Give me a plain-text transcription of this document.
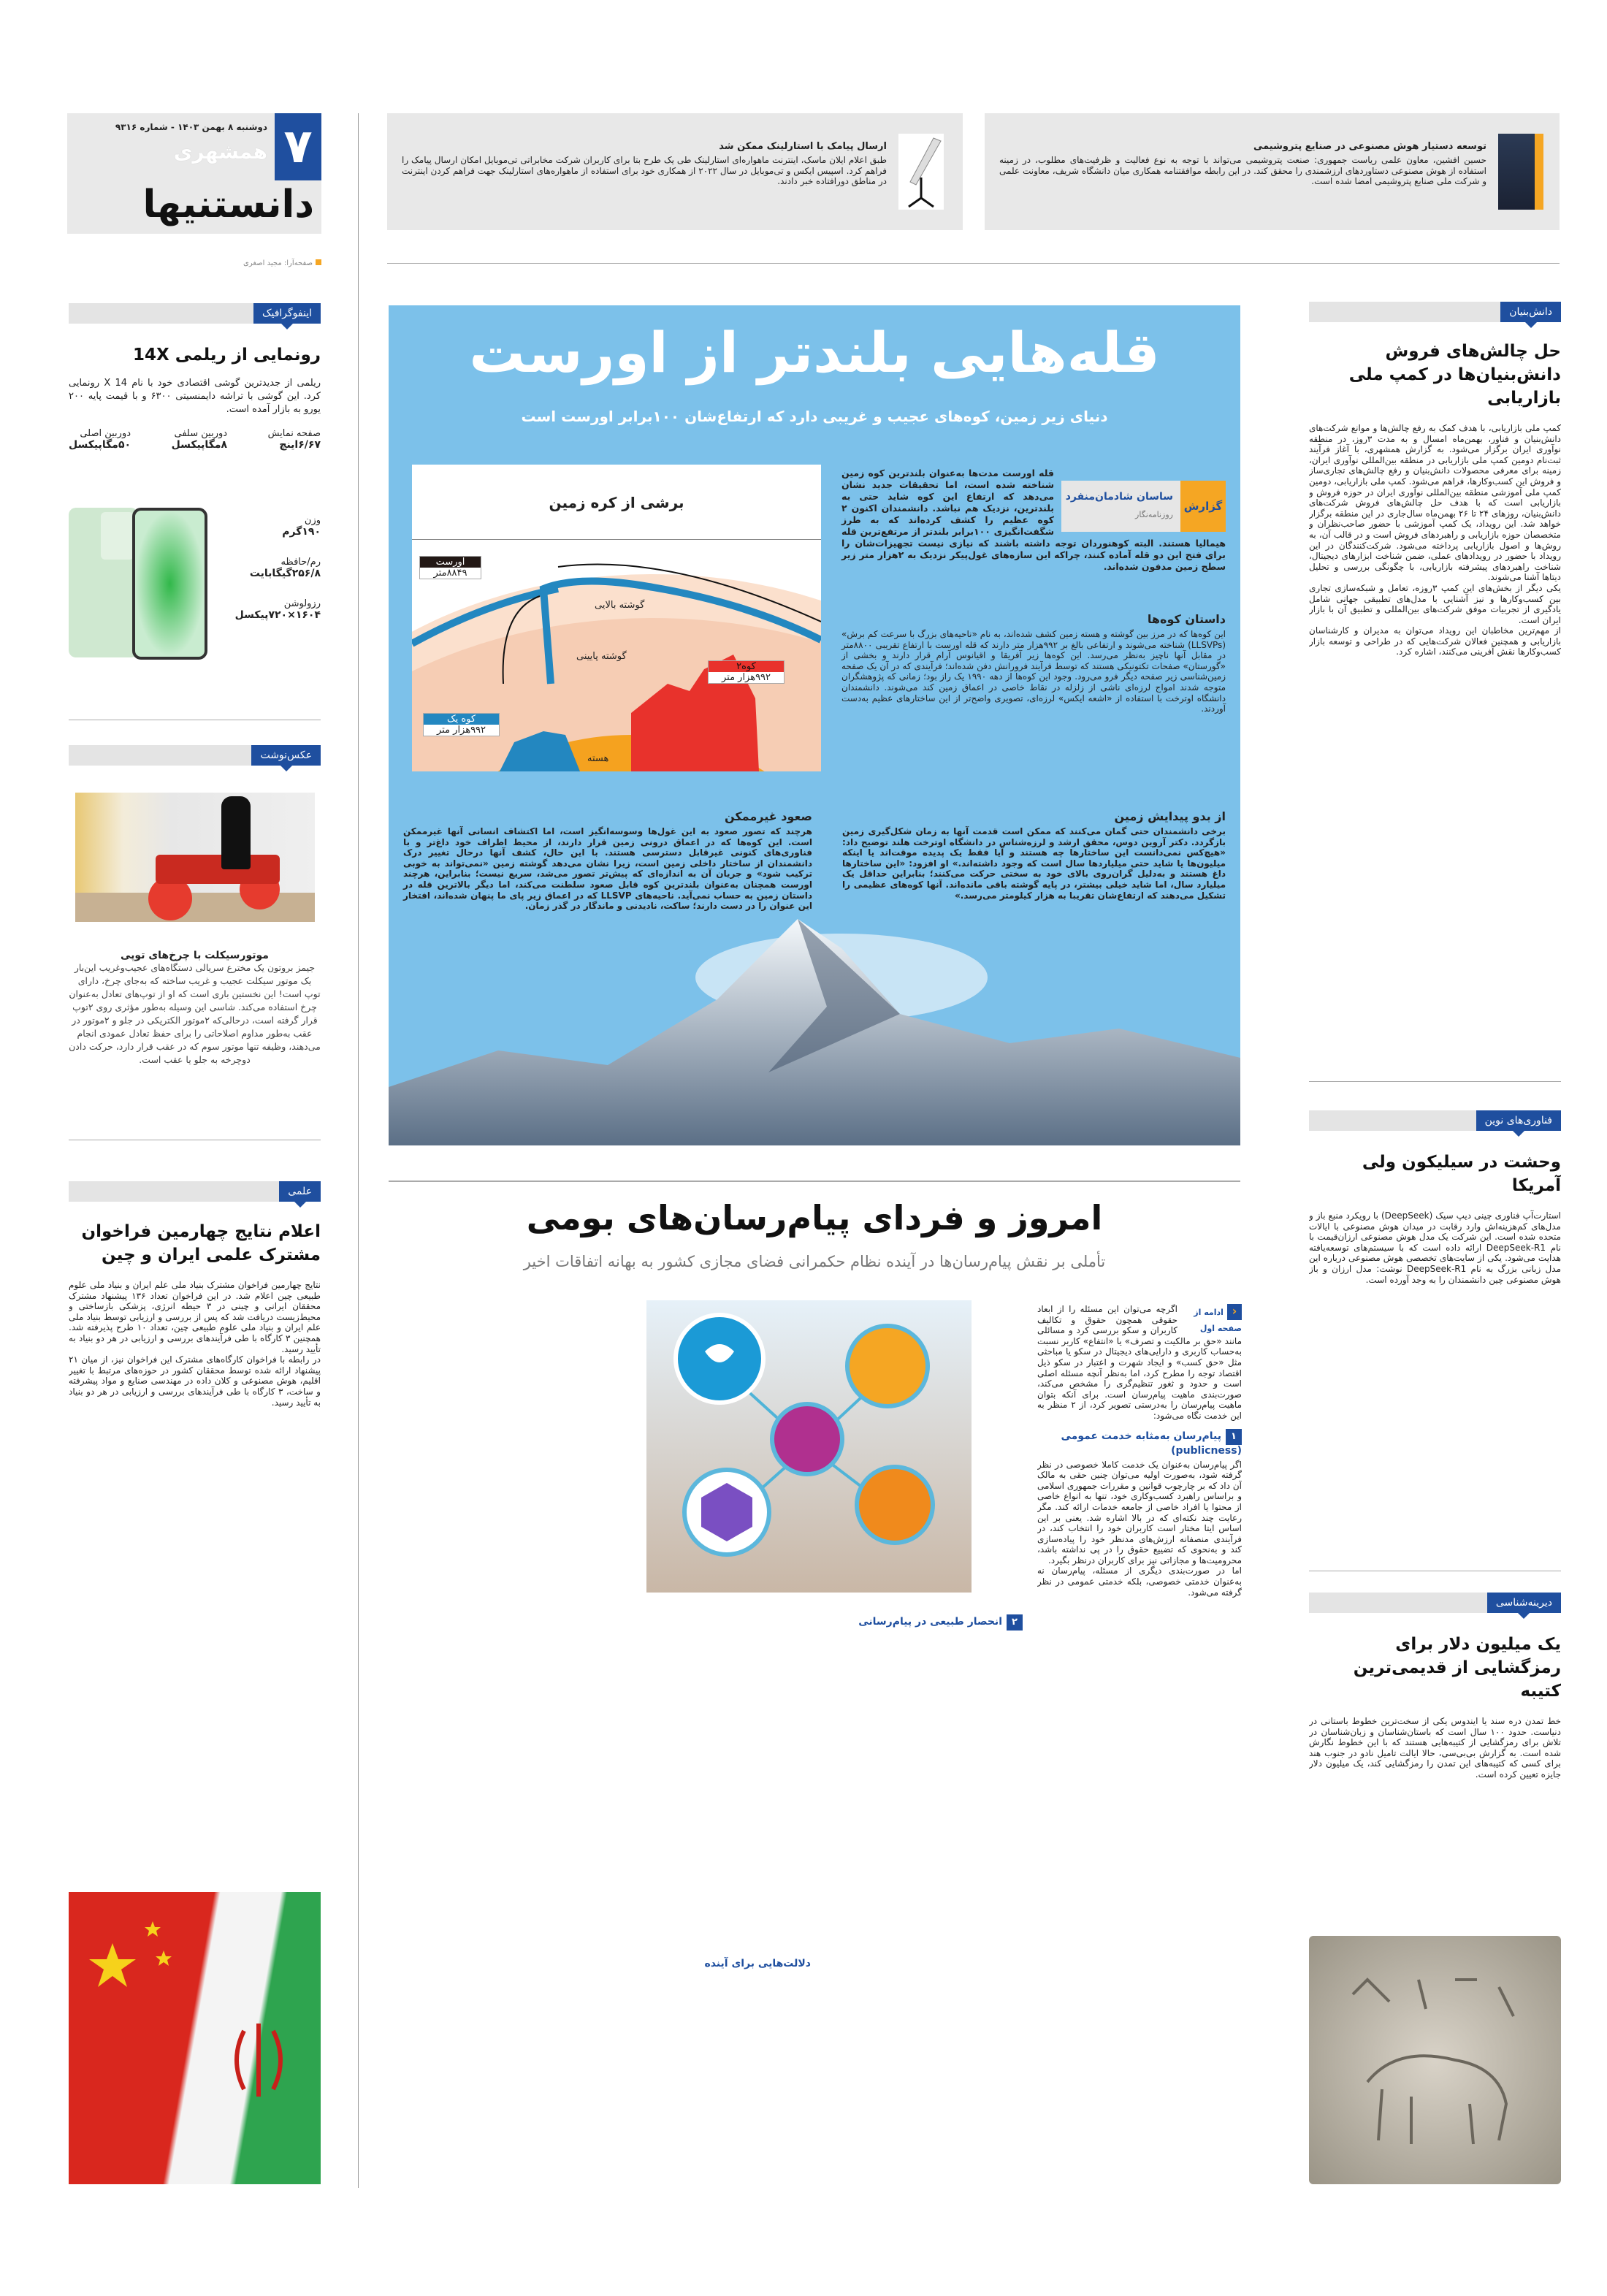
۷
دوشنبه ۸ بهمن ۱۴۰۳ - شماره ۹۳۱۶
همشهری
دانستنیها
صفحه‌آرا: مجید اصغری
توسعه دستیار هوش مصنوعی در صنایع پتروشیمی
حسین افشین، معاون علمی ریاست جمهوری: صنعت پتروشیمی می‌تواند با توجه به نوع فعالیت و ظرفیت‌های مطلوب، در زمینه استفاده از هوش مصنوعی دستاوردهای ارزشمندی را محقق کند. در این رابطه موافقتنامه همکاری میان دانشگاه شریف، معاونت علمی و شرکت ملی صنایع پتروشیمی امضا شده است.
ارسال پیامک با استارلینک ممکن شد
طبق اعلام ایلان ماسک، اینترنت ماهواره‌ای استارلینک طی یک طرح بتا برای کاربران شرکت مخابراتی تی‌موبایل امکان ارسال پیامک را فراهم کرد. اسپیس ایکس و تی‌موبایل در سال ۲۰۲۲ از همکاری خود برای استفاده از ماهواره‌های استارلینک جهت فراهم کردن اینترنت در مناطق دورافتاده خبر دادند.
دانش‌بنیان
حل چالش‌های فروش دانش‌بنیان‌ها در کمپ ملی بازاریابی

کمپ ملی بازاریابی، با هدف کمک به رفع چالش‌ها و موانع شرکت‌های دانش‌بنیان و فناور، بهمن‌ماه امسال و به مدت ۳روز، در منطقه نوآوری ایران برگزار می‌شود. به گزارش همشهری، با آغاز فرآیند ثبت‌نام دومین کمپ ملی بازاریابی در منطقه بین‌المللی نوآوری ایران، زمینه برای معرفی محصولات دانش‌بنیان و رفع چالش‌های تجاری‌ساز و فروش این کسب‌وکارها، فراهم می‌شود. کمپ ملی بازاریابی، دومین کمپ ملی آموزشی منطقه بین‌المللی نوآوری ایران در حوزه فروش و بازاریابی است که با هدف حل چالش‌های فروش شرکت‌های دانش‌بنیان، روزهای ۲۴ تا ۲۶ بهمن‌ماه سال‌جاری در این منطقه برگزار خواهد شد. این رویداد، یک کمپ آموزشی با حضور صاحب‌نظران و متخصصان حوزه بازاریابی و راهبردهای فروش است و در قالب آن، به روش‌ها و اصول بازاریابی پرداخته می‌شود. شرکت‌کنندگان در این رویداد با حضور در رویدادهای عملی، ضمن شناخت ابزارهای دیجیتال، شناخت راهبردهای پیشرفته بازاریابی، با چگونگی بررسی و تحلیل دیتاها آشنا می‌شوند.

یکی دیگر از بخش‌های این کمپ ۳روزه، تعامل و شبکه‌سازی تجاری بین کسب‌وکارها و نیز آشنایی با مدل‌های تطبیقی جهانی شامل یادگیری از تجربیات موفق شرکت‌های بین‌المللی و تطبیق آن با بازار ایران است.

از مهم‌ترین مخاطبان این رویداد می‌توان به مدیران و کارشناسان بازاریابی و همچنین فعالان شرکت‌هایی که در طراحی و توسعه بازار کسب‌وکارها نقش آفرینی می‌کنند، اشاره کرد.

فناوری‌های نوین
وحشت در سیلیکون ولی آمریکا

استارت‌آپ فناوری چینی دیپ سیک (DeepSeek) با رویکرد منبع باز و مدل‌های کم‌هزینه‌اش وارد رقابت در میدان هوش مصنوعی با ایالات متحده شده است. این شرکت یک مدل هوش مصنوعی ارزان‌قیمت با نام DeepSeek-R1 ارائه داده است که با سیستم‌های توسعه‌یافته هدایت می‌شود. یکی از سایت‌های تخصصی هوش مصنوعی درباره این مدل زبانی بزرگ به نام DeepSeek-R1 نوشت: مدل ارزان و باز هوش مصنوعی چین دانشمندان را به وجد آورده است.

دیرینه‌شناسی
یک میلیون دلار برای رمزگشایی از قدیمی‌ترین کتیبه

خط تمدن دره سند یا ایندوس یکی از سخت‌ترین خطوط باستانی در دنیاست. حدود ۱۰۰ سال است که باستان‌شناسان و زبان‌شناسان در تلاش برای رمزگشایی از کتیبه‌هایی هستند که با این خطوط نگارش شده است. به گزارش بی‌بی‌سی، حالا ایالت تامیل نادو در جنوب هند برای کسی که کتیبه‌های این تمدن را رمزگشایی کند، یک میلیون دلار جایزه تعیین کرده است.

اینفوگرافیک
رونمایی از ریلمی 14X

ریلمی از جدیدترین گوشی اقتصادی خود با نام 14 X رونمایی کرد. این گوشی با تراشه دایمنسیتی ۶۳۰۰ و با قیمت پایه ۲۰۰ یورو به بازار آمده است.

صفحه نمایش
۶/۶۷اینچ
دوربین سلفی
۸مگاپیکسل
دوربین اصلی
۵۰مگاپیکسل
وزن
۱۹۰گرم
رم/حافظه
۲۵۶/۸گیگابایت
رزولوشن
۱۶۰۴×۷۲۰پیکسل
عکس‌نوشت
موتورسیکلت با چرخ‌های توپی

جیمز بروتون یک مخترع سریالی دستگاه‌های عجیب‌وغریب این‌بار یک موتور سیکلت عجیب و غریب ساخته که به‌جای چرخ، دارای توپ است! این نخستین باری است که او از توپ‌های تعادل به‌عنوان چرخ استفاده می‌کند. شاسی این وسیله به‌طور مؤثری روی ۲توپ قرار گرفته است، درحالی‌که ۲موتور الکتریکی در جلو و ۲موتور در عقب به‌طور مداوم اصلاحاتی را برای حفظ تعادل عمودی انجام می‌دهند، وظیفه تنها موتور سوم که در عقب قرار دارد، حرکت دادن دوچرخه به جلو یا عقب است.

علمی
اعلام نتایج چهارمین فراخوان مشترک علمی ایران و چین

نتایج چهارمین فراخوان مشترک بنیاد ملی علم ایران و بنیاد ملی علوم طبیعی چین اعلام شد. در این فراخوان تعداد ۱۳۶ پیشنهاد مشترک محققان ایرانی و چینی در ۳ حیطه انرژی، پزشکی بازساختی و محیط‌زیست دریافت شد که پس از بررسی و ارزیابی توسط بنیاد ملی علم ایران و بنیاد ملی علوم طبیعی چین، تعداد ۱۰ طرح پذیرفته شد. همچنین ۳ کارگاه با طی فرآیندهای بررسی و ارزیابی در هر دو بنیاد به تأیید رسید.

در رابطه با فراخوان کارگاه‌های مشترک این فراخوان نیز، از میان ۲۱ پیشنهاد ارائه شده توسط محققان کشور در حوزه‌های مرتبط با تغییر اقلیم، هوش مصنوعی و کلان داده در مهندسی صنایع و مواد پیشرفته و ساخت، ۳ کارگاه با طی فرآیندهای بررسی و ارزیابی در هر دو بنیاد به تأیید رسید.

قله‌هایی بلندتر از اورست
دنیای زیر زمین، کوه‌های عجیب و غریبی دارد که ارتفاع‌شان ۱۰۰برابر اورست است
برشی از کره زمین
اورست
۸۸۴۹متر
گوشته بالایی
گوشته پایینی
کوه۲
۹۹۲هزار متر
کوه یک
۹۹۲هزار متر
هسته
گزارش
ساسان شادمان‌منفرد
روزنامه‌نگار
قله اورست مدت‌ها به‌عنوان بلندترین کوه زمین شناخته شده است، اما تحقیقات جدید نشان می‌دهد که ارتفاع این کوه شاید حتی به بلندترین، نزدیک هم نباشد. دانشمندان اکنون ۲ کوه عظیم را کشف کرده‌اند که به طرز شگفت‌انگیزی ۱۰۰برابر بلندتر از مرتفع‌ترین قله هیمالیا هستند. البته کوهنوردان توجه داشته باشند که نیازی نیست تجهیزات‌شان را برای فتح این دو قله آماده کنند، چراکه این سازه‌های غول‌پیکر نزدیک به ۲هزار متر زیر سطح زمین مدفون شده‌اند.
داستان کوه‌ها

این کوه‌ها که در مرز بین گوشته و هسته زمین کشف شده‌اند، به نام «ناحیه‌های بزرگ با سرعت کم برش» (LLSVPs) شناخته می‌شوند و ارتفاعی بالغ بر ۹۹۲هزار متر دارند که قله اورست با ارتفاع تقریبی ۸۸۰۰متر در مقابل آنها ناچیز به‌نظر می‌رسد. این کوه‌ها زیر آفریقا و اقیانوس آرام قرار دارند و بخشی از «گورستان» صفحات تکتونیکی هستند که توسط فرآیند فرورانش دفن شده‌اند؛ فرآیندی که در آن یک صفحه زمین‌شناسی زیر صفحه دیگر فرو می‌رود. وجود این کوه‌ها از دهه ۱۹۹۰ یک راز بود؛ زمانی که پژوهشگران متوجه شدند امواج لرزه‌ای ناشی از زلزله در نقاط خاصی در اعماق زمین کند می‌شوند. دانشمندان دانشگاه اوترخت با استفاده از «اشعه ایکس» لرزه‌ای، تصویری واضح‌تر از این ساختارهای عظیم به‌دست آوردند.

از بدو پیدایش زمین

برخی دانشمندان حتی گمان می‌کنند که ممکن است قدمت آنها به زمان شکل‌گیری زمین بازگردد. دکتر آروین دوس، محقق ارشد و لرزه‌شناس در دانشگاه اوترخت هلند توضیح داد: «هیچ‌کس نمی‌دانست این ساختارها چه هستند و آیا فقط یک پدیده موقت‌اند یا اینکه میلیون‌ها یا شاید حتی میلیاردها سال است که وجود داشته‌اند.» او افزود: «این ساختارها داغ هستند و به‌دلیل گران‌روی بالای خود به سختی حرکت می‌کنند؛ بنابراین حداقل یک میلیارد سال، اما شاید خیلی بیشتر، در پایه گوشته باقی مانده‌اند. آنها کوه‌های عظیمی را تشکیل می‌دهند که ارتفاع‌شان تقریبا به هزار کیلومتر می‌رسد.»

صعود غیرممکن

هرچند که تصور صعود به این غول‌ها وسوسه‌انگیز است، اما اکتشاف انسانی آنها غیرممکن است. این کوه‌ها که در اعماق درونی زمین قرار دارند، از محیط اطراف خود داغ‌تر و با فناوری‌های کنونی غیرقابل دسترسی هستند. با این حال، کشف آنها درحال تغییر درک دانشمندان از ساختار داخلی زمین است، زیرا نشان می‌دهد گوشته زمین «نمی‌تواند به خوبی ترکیب شود» و جریان آن به اندازه‌ای که پیش‌تر تصور می‌شد، سریع نیست؛ بنابراین، هرچند اورست همچنان به‌عنوان بلندترین کوه قابل صعود سلطنت می‌کند، اما دیگر بالاترین قله در داستان زمین به حساب نمی‌آید. ناحیه‌های LLSVP که در اعماق زیر پای ما پنهان شده‌اند، افتخار این عنوان را در دست دارند؛ ساکت، نادیدنی و ماندگار در گذر زمان.

امروز و فردای پیام‌رسان‌های بومی
تأملی بر نقش پیام‌رسان‌ها در آینده نظام حکمرانی فضای مجازی کشور به بهانه اتفاقات اخیر
‹ ادامه از صفحه اول

اگرچه می‌توان این مسئله را از ابعاد حقوقی همچون حقوق و تکالیف کاربران و سکو بررسی کرد و مسائلی مانند «حق بر مالکیت و تصرف» یا «انتفاع» کاربر نسبت به‌حساب کاربری و دارایی‌های دیجیتال در سکو یا مباحثی مثل «حق کسب» و ایجاد شهرت و اعتبار در سکو ذیل اقتصاد توجه را مطرح کرد، اما به‌نظر آنچه مسئله اصلی است و حدود و ثغور تنظیم‌گری را مشخص می‌کند، صورت‌بندی ماهیت پیام‌رسان است. برای آنکه بتوان ماهیت پیام‌رسان را به‌درستی تصویر کرد، از ۲ منظر به این خدمت نگاه می‌شود:

۱پیام‌رسان به‌مثابه خدمت عمومی (publicness)

اگر پیام‌رسان به‌عنوان یک خدمت کاملا خصوصی در نظر گرفته شود، به‌صورت اولیه می‌توان چنین حقی به مالک آن داد که بر چارچوب قوانین و مقررات جمهوری اسلامی و براساس راهبرد کسب‌وکاری خود، تنها به انواع خاصی از محتوا یا افراد خاصی از جامعه خدمات ارائه کند. مگر رعایت چند نکته‌ای که در بالا اشاره شد. یعنی بر این اساس ایتا مختار است کاربران خود را انتخاب کند، در فرآیندی منصفانه ارزش‌های مدنظر خود را پیاده‌سازی کند و به‌نحوی که تضییع حقوق را در پی نداشته باشد، محرومیت‌ها و مجازاتی نیز برای کاربران درنظر بگیرد.

اما در صورت‌بندی دیگری از مسئله، پیام‌رسان نه به‌عنوان خدمتی خصوصی، بلکه خدمتی عمومی در نظر گرفته می‌شود.

۲انحصار طبیعی در پیام‌رسانی
دلالت‌هایی برای آینده
